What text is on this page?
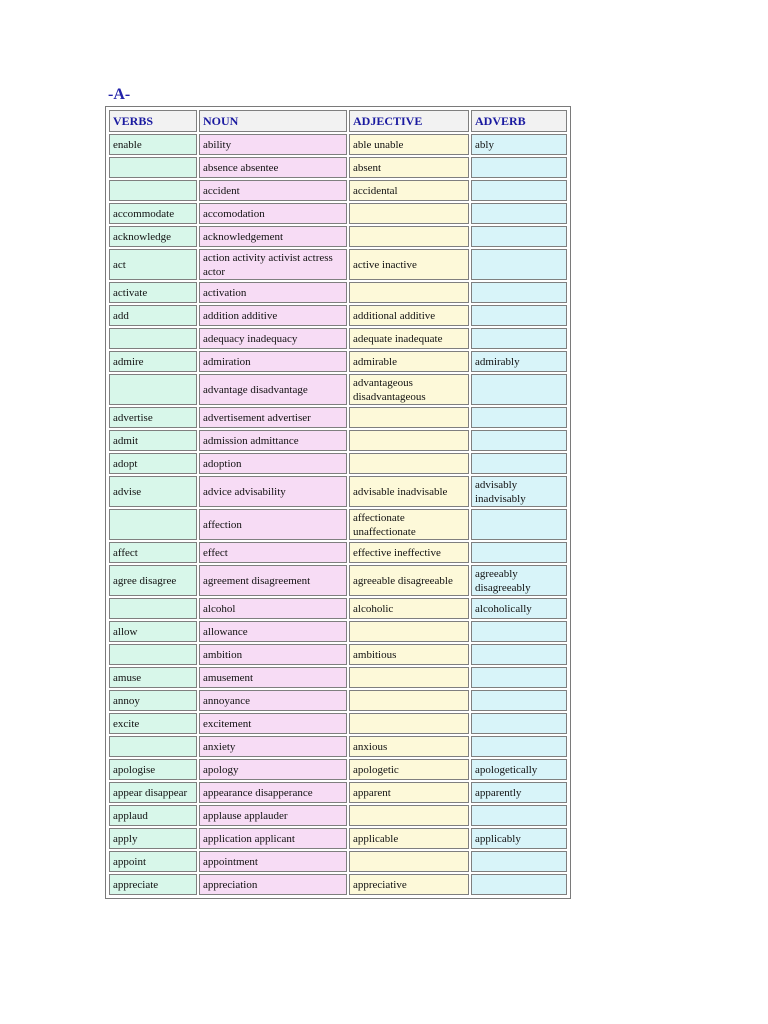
-A-
VERBS	NOUN	ADJECTIVE	ADVERB
enable	ability	able unable	ably
	absence absentee	absent	
	accident	accidental	
accommodate	accomodation		
acknowledge	acknowledgement		
act	action activity activist actress actor	active inactive	
activate	activation		
add	addition additive	additional additive	
	adequacy inadequacy	adequate inadequate	
admire	admiration	admirable	admirably
	advantage disadvantage	advantageous disadvantageous	
advertise	advertisement advertiser		
admit	admission admittance		
adopt	adoption		
advise	advice advisability	advisable inadvisable	advisably inadvisably
	affection	affectionate unaffectionate	
affect	effect	effective ineffective	
agree disagree	agreement disagreement	agreeable disagreeable	agreeably disagreeably
	alcohol	alcoholic	alcoholically
allow	allowance		
	ambition	ambitious	
amuse	amusement		
annoy	annoyance		
excite	excitement		
	anxiety	anxious	
apologise	apology	apologetic	apologetically
appear disappear	appearance disapperance	apparent	apparently
applaud	applause applauder		
apply	application applicant	applicable	applicably
appoint	appointment		
appreciate	appreciation	appreciative	
